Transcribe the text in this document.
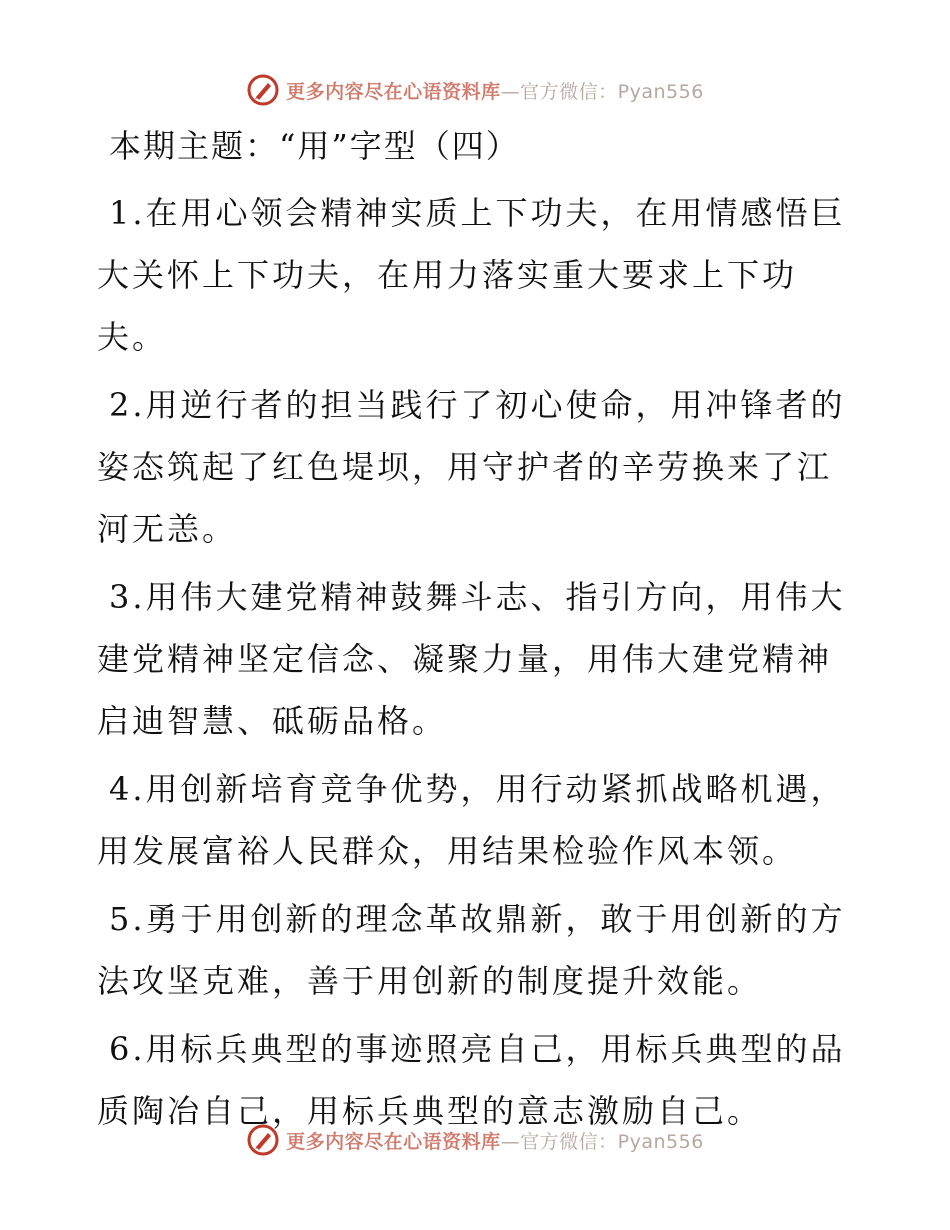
更多内容尽在心语资料库—官方微信：Pyan556

本期主题：“用”字型（四）

1.在用心领会精神实质上下功夫，在用情感悟巨大关怀上下功夫，在用力落实重大要求上下功夫。

2.用逆行者的担当践行了初心使命，用冲锋者的姿态筑起了红色堤坝，用守护者的辛劳换来了江河无恙。

3.用伟大建党精神鼓舞斗志、指引方向，用伟大建党精神坚定信念、凝聚力量，用伟大建党精神启迪智慧、砥砺品格。

4.用创新培育竞争优势，用行动紧抓战略机遇，用发展富裕人民群众，用结果检验作风本领。

5.勇于用创新的理念革故鼎新，敢于用创新的方法攻坚克难，善于用创新的制度提升效能。

6.用标兵典型的事迹照亮自己，用标兵典型的品质陶冶自己，用标兵典型的意志激励自己。

更多内容尽在心语资料库—官方微信：Pyan556
